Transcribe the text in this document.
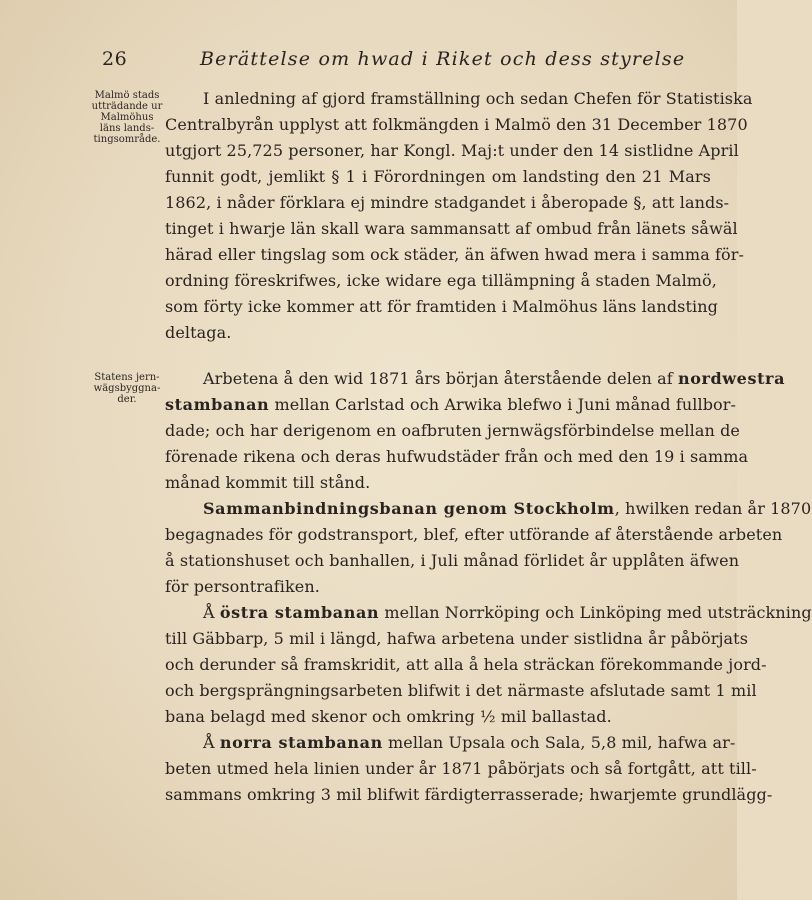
26	Berättelse om hwad i Riket och dess styrelse
Malmö stads
utträdande ur
Malmöhus
läns lands-
tingsområde.
I anledning af gjord framställning och sedan Chefen för Statistiska
Centralbyrån upplyst att folkmängden i Malmö den 31 December 1870
utgjort 25,725 personer, har Kongl. Maj:t under den 14 sistlidne April
funnit godt, jemlikt § 1 i Förordningen om landsting den 21 Mars
1862, i nåder förklara ej mindre stadgandet i åberopade §, att lands-
tinget i hwarje län skall wara sammansatt af ombud från länets såwäl
härad eller tingslag som ock städer, än äfwen hwad mera i samma för-
ordning föreskrifwes, icke widare ega tillämpning å staden Malmö,
som förty icke kommer att för framtiden i Malmöhus läns landsting
deltaga.
Statens jern-
wägsbyggna-
der.
Arbetena å den wid 1871 års början återstående delen af nordwestra
stambanan mellan Carlstad och Arwika blefwo i Juni månad fullbor-
dade; och har derigenom en oafbruten jernwägsförbindelse mellan de
förenade rikena och deras hufwudstäder från och med den 19 i samma
månad kommit till stånd.
Sammanbindningsbanan genom Stockholm, hwilken redan år 1870
begagnades för godstransport, blef, efter utförande af återstående arbeten
å stationshuset och banhallen, i Juli månad förlidet år upplåten äfwen
för persontrafiken.
Å östra stambanan mellan Norrköping och Linköping med utsträckning
till Gäbbarp, 5 mil i längd, hafwa arbetena under sistlidna år påbörjats
och derunder så framskridit, att alla å hela sträckan förekommande jord-
och bergsprängningsarbeten blifwit i det närmaste afslutade samt 1 mil
bana belagd med skenor och omkring ½ mil ballastad.
Å norra stambanan mellan Upsala och Sala, 5,8 mil, hafwa ar-
beten utmed hela linien under år 1871 påbörjats och så fortgått, att till-
sammans omkring 3 mil blifwit färdigterrasserade; hwarjemte grundlägg-
